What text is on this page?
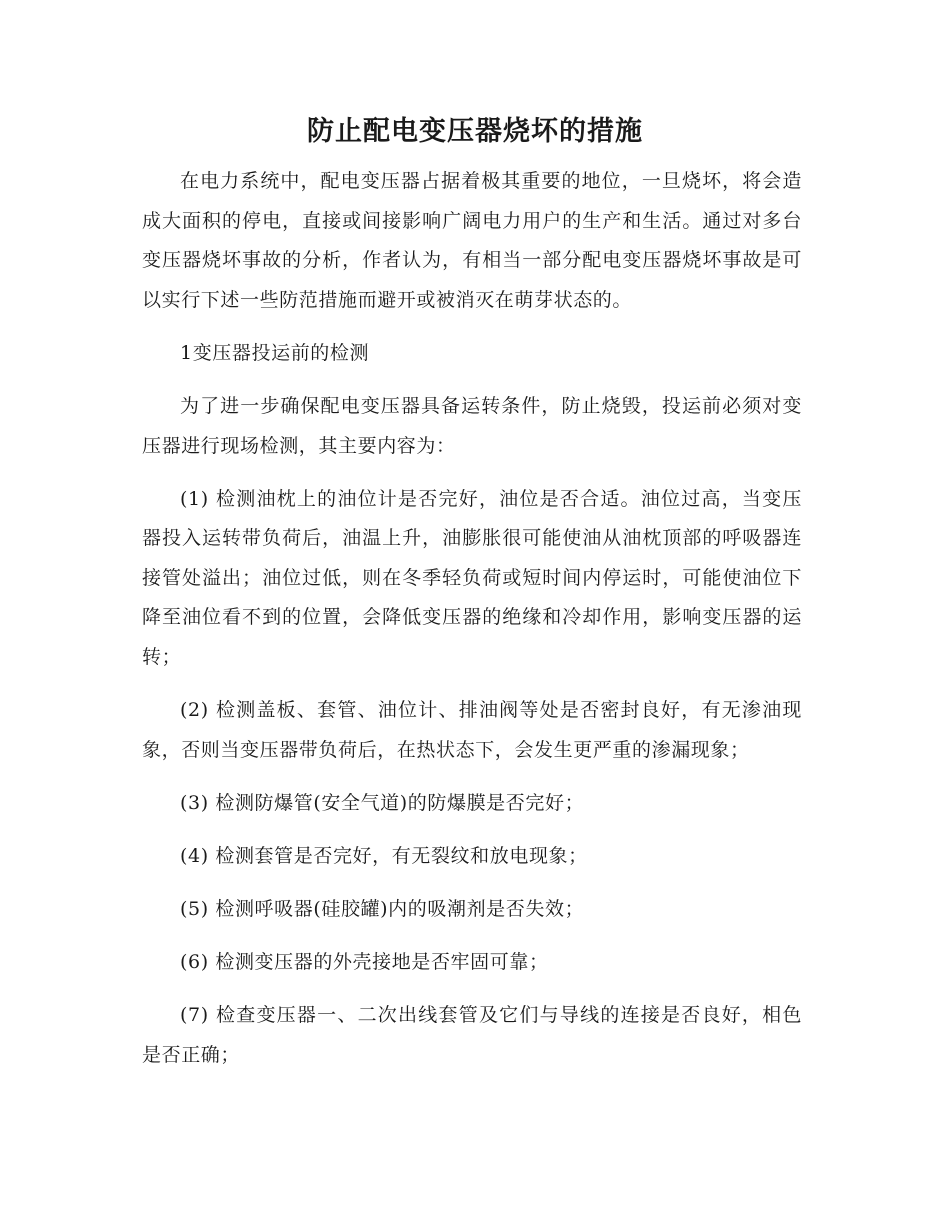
防止配电变压器烧坏的措施

在电力系统中，配电变压器占据着极其重要的地位，一旦烧坏，将会造成大面积的停电，直接或间接影响广阔电力用户的生产和生活。通过对多台变压器烧坏事故的分析，作者认为，有相当一部分配电变压器烧坏事故是可以实行下述一些防范措施而避开或被消灭在萌芽状态的。

1变压器投运前的检测

为了进一步确保配电变压器具备运转条件，防止烧毁，投运前必须对变压器进行现场检测，其主要内容为：

(1) 检测油枕上的油位计是否完好，油位是否合适。油位过高，当变压器投入运转带负荷后，油温上升，油膨胀很可能使油从油枕顶部的呼吸器连接管处溢出；油位过低，则在冬季轻负荷或短时间内停运时，可能使油位下降至油位看不到的位置，会降低变压器的绝缘和冷却作用，影响变压器的运转；

(2) 检测盖板、套管、油位计、排油阀等处是否密封良好，有无渗油现象，否则当变压器带负荷后，在热状态下，会发生更严重的渗漏现象；

(3) 检测防爆管(安全气道)的防爆膜是否完好；

(4) 检测套管是否完好，有无裂纹和放电现象；

(5) 检测呼吸器(硅胶罐)内的吸潮剂是否失效；

(6) 检测变压器的外壳接地是否牢固可靠；

(7) 检查变压器一、二次出线套管及它们与导线的连接是否良好，相色是否正确；
